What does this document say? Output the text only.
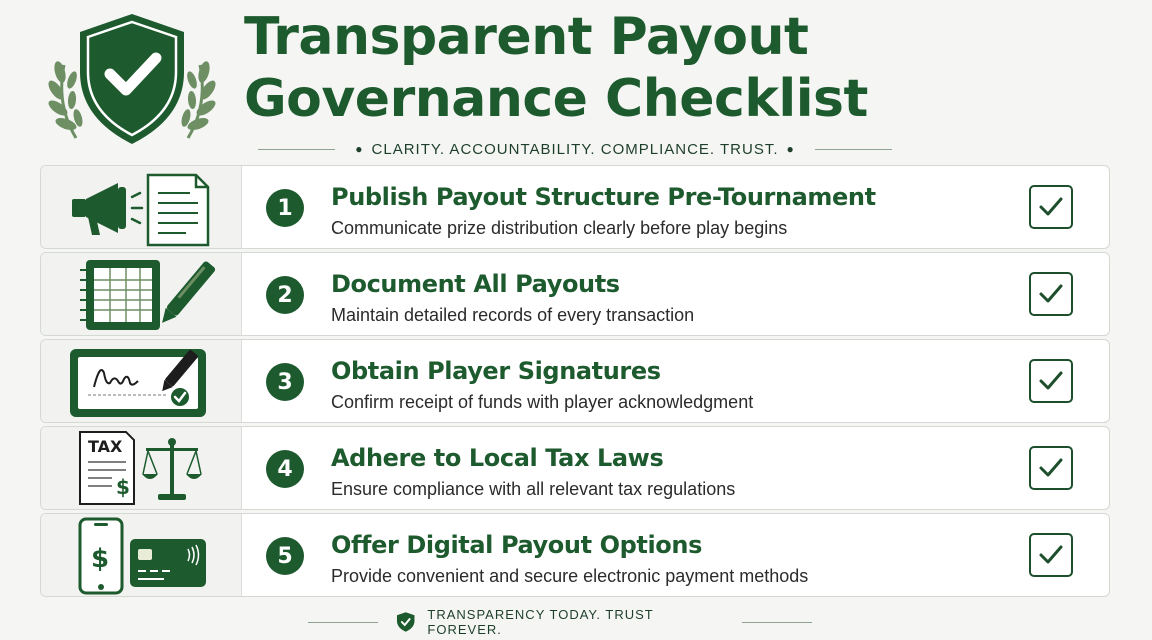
Transparent Payout
Governance Checklist
● CLARITY. ACCOUNTABILITY. COMPLIANCE. TRUST. ●
1	Publish Payout Structure Pre-Tournament
Communicate prize distribution clearly before play begins
2	Document All Payouts
Maintain detailed records of every transaction
3	Obtain Player Signatures
Confirm receipt of funds with player acknowledgment
TAX
$
4	Adhere to Local Tax Laws
Ensure compliance with all relevant tax regulations
$	5	Offer Digital Payout Options
Provide convenient and secure electronic payment methods
TRANSPARENCY TODAY. TRUST FOREVER.
